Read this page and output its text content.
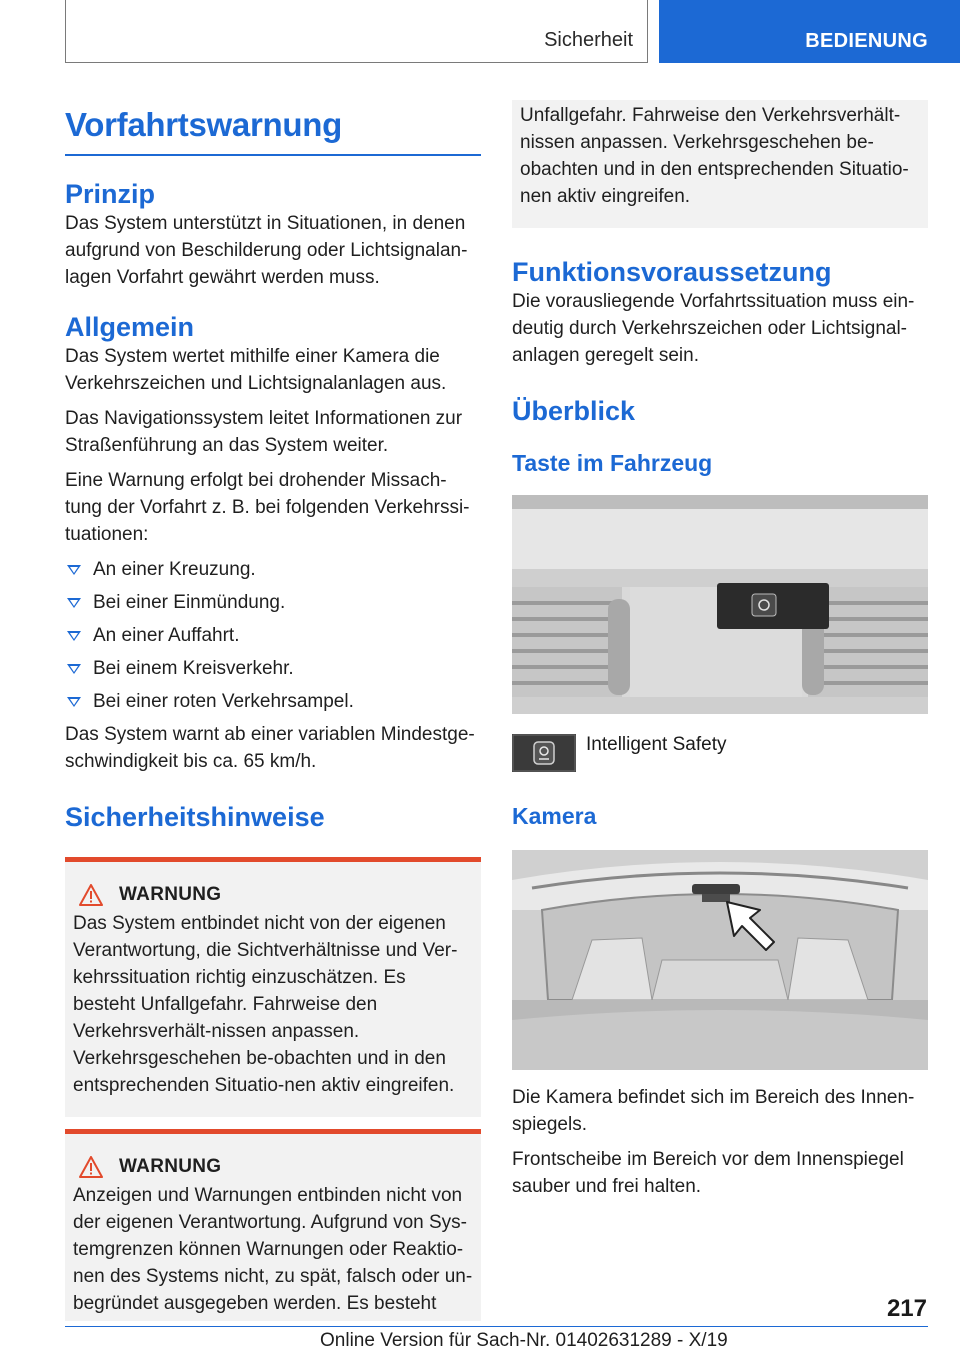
Sicherheit	BEDIENUNG
Vorfahrtswarnung
Prinzip

Das System unterstützt in Situationen, in denen aufgrund von Beschilderung oder Lichtsignalan-lagen Vorfahrt gewährt werden muss.

Allgemein

Das System wertet mithilfe einer Kamera die Verkehrszeichen und Lichtsignalanlagen aus.

Das Navigationssystem leitet Informationen zur Straßenführung an das System weiter.

Eine Warnung erfolgt bei drohender Missach-tung der Vorfahrt z. B. bei folgenden Verkehrssi-tuationen:

An einer Kreuzung.
Bei einer Einmündung.
An einer Auffahrt.
Bei einem Kreisverkehr.
Bei einer roten Verkehrsampel.

Das System warnt ab einer variablen Mindestge-schwindigkeit bis ca. 65 km/h.

Sicherheitshinweise
WARNUNG

Das System entbindet nicht von der eigenen Verantwortung, die Sichtverhältnisse und Ver-kehrssituation richtig einzuschätzen. Es besteht Unfallgefahr. Fahrweise den Verkehrsverhält-nissen anpassen. Verkehrsgeschehen be-obachten und in den entsprechenden Situatio-nen aktiv eingreifen.

WARNUNG

Anzeigen und Warnungen entbinden nicht von der eigenen Verantwortung. Aufgrund von Sys-temgrenzen können Warnungen oder Reaktio-nen des Systems nicht, zu spät, falsch oder un-begründet ausgegeben werden. Es besteht

Unfallgefahr. Fahrweise den Verkehrsverhält-nissen anpassen. Verkehrsgeschehen be-obachten und in den entsprechenden Situatio-nen aktiv eingreifen.

Funktionsvoraussetzung

Die vorausliegende Vorfahrtssituation muss ein-deutig durch Verkehrszeichen oder Lichtsignal-anlagen geregelt sein.

Überblick
Taste im Fahrzeug
Intelligent Safety
Kamera

Die Kamera befindet sich im Bereich des Innen-spiegels.

Frontscheibe im Bereich vor dem Innenspiegel sauber und frei halten.

217
Online Version für Sach-Nr. 01402631289 - X/19
